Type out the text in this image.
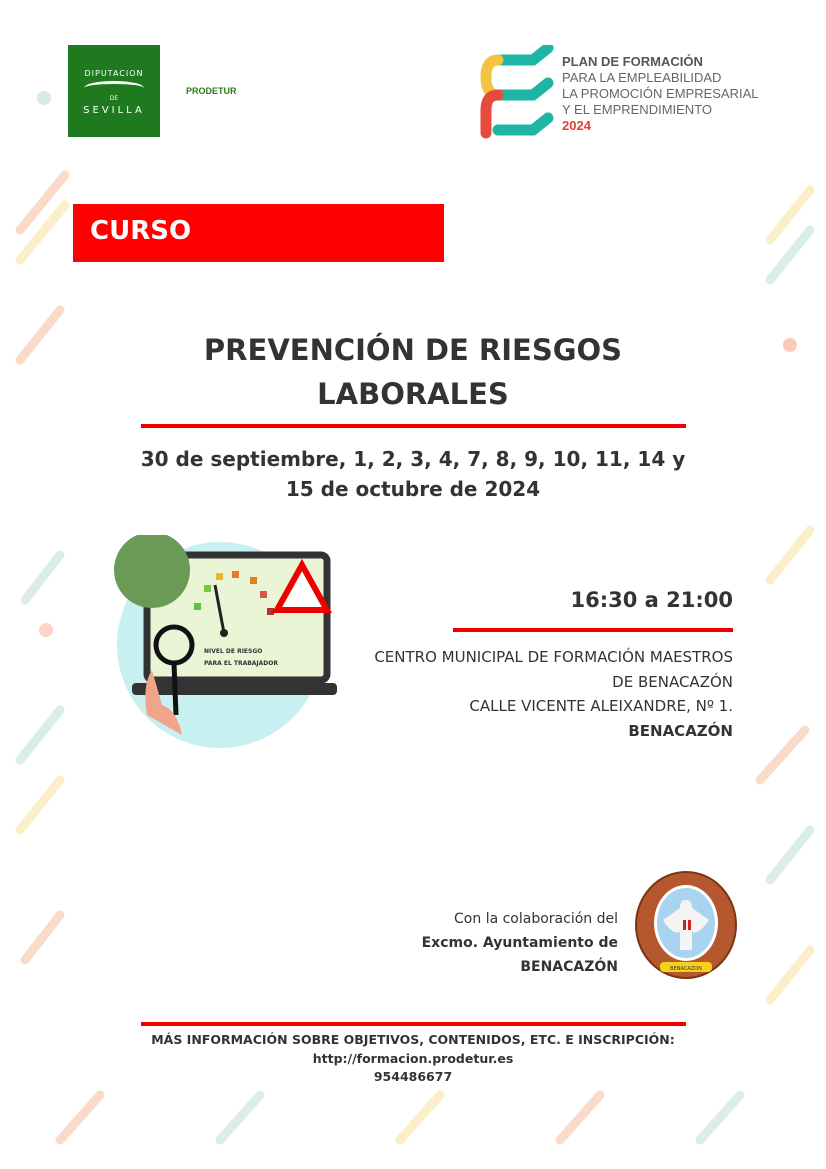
DIPUTACION
DE
SEVILLA
PRODETUR
PLAN DE FORMACIÓN
PARA LA EMPLEABILIDAD
LA PROMOCIÓN EMPRESARIAL
Y EL EMPRENDIMIENTO
2024
CURSO
PREVENCIÓN DE RIESGOS
LABORALES
30 de septiembre, 1, 2, 3, 4, 7, 8, 9, 10, 11, 14 y
15 de octubre de 2024
NIVEL DE RIESGO
PARA EL TRABAJADOR
16:30 a 21:00
CENTRO MUNICIPAL DE FORMACIÓN MAESTROS
DE BENACAZÓN
CALLE VICENTE ALEIXANDRE, Nº 1.
BENACAZÓN
Con la colaboración del
Excmo. Ayuntamiento de
BENACAZÓN	BENACAZON
MÁS INFORMACIÓN SOBRE OBJETIVOS, CONTENIDOS, ETC. E INSCRIPCIÓN:
http://formacion.prodetur.es
954486677
